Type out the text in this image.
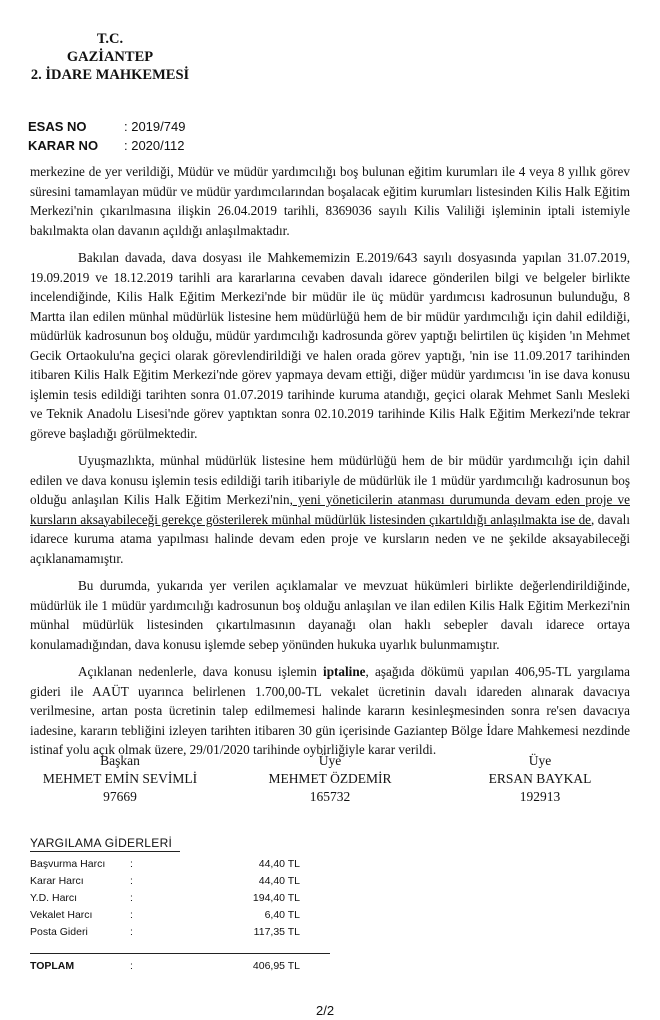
T.C.
GAZİANTEP
2. İDARE MAHKEMESİ
ESAS NO	: 2019/749
KARAR NO	: 2020/112

merkezine de yer verildiği, Müdür ve müdür yardımcılığı boş bulunan eğitim kurumları ile 4 veya 8 yıllık görev süresini tamamlayan müdür ve müdür yardımcılarından boşalacak eğitim kurumları listesinden Kilis Halk Eğitim Merkezi'nin çıkarılmasına ilişkin 26.04.2019 tarihli, 8369036 sayılı Kilis Valiliği işleminin iptali istemiyle bakılmakta olan davanın açıldığı anlaşılmaktadır.

Bakılan davada, dava dosyası ile Mahkememizin E.2019/643 sayılı dosyasında yapılan 31.07.2019, 19.09.2019 ve 18.12.2019 tarihli ara kararlarına cevaben davalı idarece gönderilen bilgi ve belgeler birlikte incelendiğinde, Kilis Halk Eğitim Merkezi'nde bir müdür ile üç müdür yardımcısı kadrosunun bulunduğu, 8 Martta ilan edilen münhal müdürlük listesine hem müdürlüğü hem de bir müdür yardımcılığı için dahil edildiği, müdürlük kadrosunun boş olduğu, müdür yardımcılığı kadrosunda görev yaptığı belirtilen üç kişiden 'ın Mehmet Gecik Ortaokulu'na geçici olarak görevlendirildiği ve halen orada görev yaptığı, 'nin ise 11.09.2017 tarihinden itibaren Kilis Halk Eğitim Merkezi'nde görev yapmaya devam ettiği, diğer müdür yardımcısı 'in ise dava konusu işlemin tesis edildiği tarihten sonra 01.07.2019 tarihinde kuruma atandığı, geçici olarak Mehmet Sanlı Mesleki ve Teknik Anadolu Lisesi'nde görev yaptıktan sonra 02.10.2019 tarihinde Kilis Halk Eğitim Merkezi'nde tekrar göreve başladığı görülmektedir.

Uyuşmazlıkta, münhal müdürlük listesine hem müdürlüğü hem de bir müdür yardımcılığı için dahil edilen ve dava konusu işlemin tesis edildiği tarih itibariyle de müdürlük ile 1 müdür yardımcılığı kadrosunun boş olduğu anlaşılan Kilis Halk Eğitim Merkezi'nin, yeni yöneticilerin atanması durumunda devam eden proje ve kursların aksayabileceği gerekçe gösterilerek münhal müdürlük listesinden çıkartıldığı anlaşılmakta ise de, davalı idarece kuruma atama yapılması halinde devam eden proje ve kursların neden ve ne şekilde aksayabileceği açıklanamamıştır.

Bu durumda, yukarıda yer verilen açıklamalar ve mevzuat hükümleri birlikte değerlendirildiğinde, müdürlük ile 1 müdür yardımcılığı kadrosunun boş olduğu anlaşılan ve ilan edilen Kilis Halk Eğitim Merkezi'nin münhal müdürlük listesinden çıkartılmasının dayanağı olan haklı sebepler davalı idarece ortaya konulamadığından, dava konusu işlemde sebep yönünden hukuka uyarlık bulunmamıştır.

Açıklanan nedenlerle, dava konusu işlemin iptaline, aşağıda dökümü yapılan 406,95-TL yargılama gideri ile AAÜT uyarınca belirlenen 1.700,00-TL vekalet ücretinin davalı idareden alınarak davacıya verilmesine, artan posta ücretinin talep edilmemesi halinde kararın kesinleşmesinden sonra re'sen davacıya iadesine, kararın tebliğini izleyen tarihten itibaren 30 gün içerisinde Gaziantep Bölge İdare Mahkemesi nezdinde istinaf yolu açık olmak üzere, 29/01/2020 tarihinde oybirliğiyle karar verildi.

Başkan
MEHMET EMİN SEVİMLİ
97669
Üye
MEHMET ÖZDEMİR
165732
Üye
ERSAN BAYKAL
192913
YARGILAMA GİDERLERİ
Başvurma Harcı	:	44,40 TL
Karar Harcı	:	44,40 TL
Y.D. Harcı	:	194,40 TL
Vekalet Harcı	:	6,40 TL
Posta Gideri	:	117,35 TL
TOPLAM	:	406,95 TL
2/2
